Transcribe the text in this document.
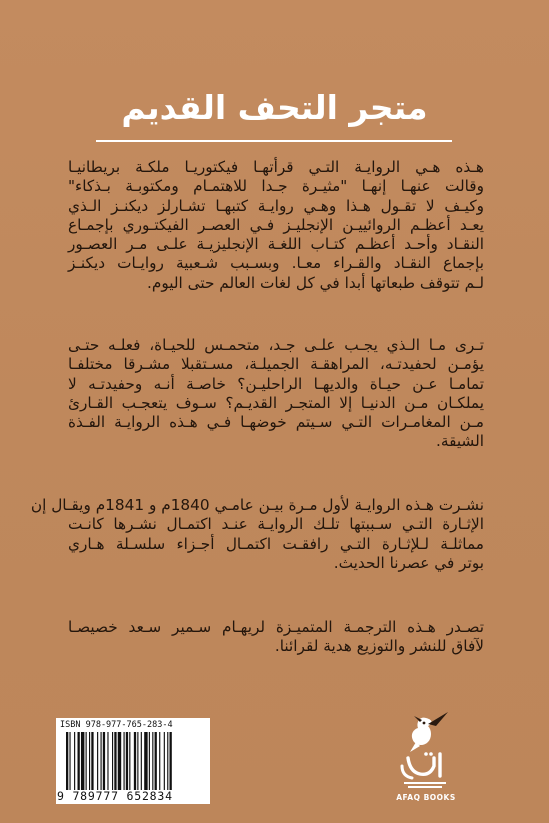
متجر التحف القديم
هـذه هـي الروايـة التـي قرأتهـا فيكتوريـا ملكـة بريطانيـا
وقالت عنهـا إنهـا "مثيـرة جـدا للاهتمـام ومكتوبـة بـذكاء"
وكيـف لا تقـول هـذا وهـي روايـة كتبهـا تشـارلز ديكنـز الـذي
يعـد أعظـم الروائييـن الإنجليـز فـي العصـر الفيكتـوري بإجمـاع
النقـاد وأحـد أعظـم كتـاب اللغـة الإنجليزيـة علـى مـر العصـور
بإجماع النقـاد والقـراء معـا. وبسـبب شـعبية روايـات ديكنـز
لـم تتوقف طبعاتها أبدا في كل لغات العالم حتى اليوم.
تـرى مـا الـذي يجـب علـى جـد، متحمـس للحيـاة، فعلـه حتـى
يؤمـن لحفيدتـه، المراهقـة الجميلـة، مسـتقبلا مشـرقا مختلفـا
تمامـا عـن حيـاة والديهـا الراحليـن؟ خاصـة أنـه وحفيدتـه لا
يملكـان مـن الدنيـا إلا المتجـر القديـم؟ سـوف يتعجـب القـارئ
مـن المغامـرات التـي سـيتم خوضهـا فـي هـذه الروايـة الفـذة
الشيقة.
نشـرت هـذه الروايـة لأول مـرة بيـن عامـي 1840م و 1841م ويقـال إن
الإثـارة التـي سـببتها تلـك الروايـة عنـد اكتمـال نشـرها كانـت
مماثلـة لـلإثـارة التـي رافقـت اكتمـال أجـزاء سلسـلة هـاري
بوتر في عصرنا الحديث.
تصـدر هـذه الترجمـة المتميـزة لريهـام سـمير سـعد خصيصـا
لآفاق للنشر والتوزيع هدية لقرائنا.
ISBN 978-977-765-283-4
9 789777 652834	AFAQ BOOKS
